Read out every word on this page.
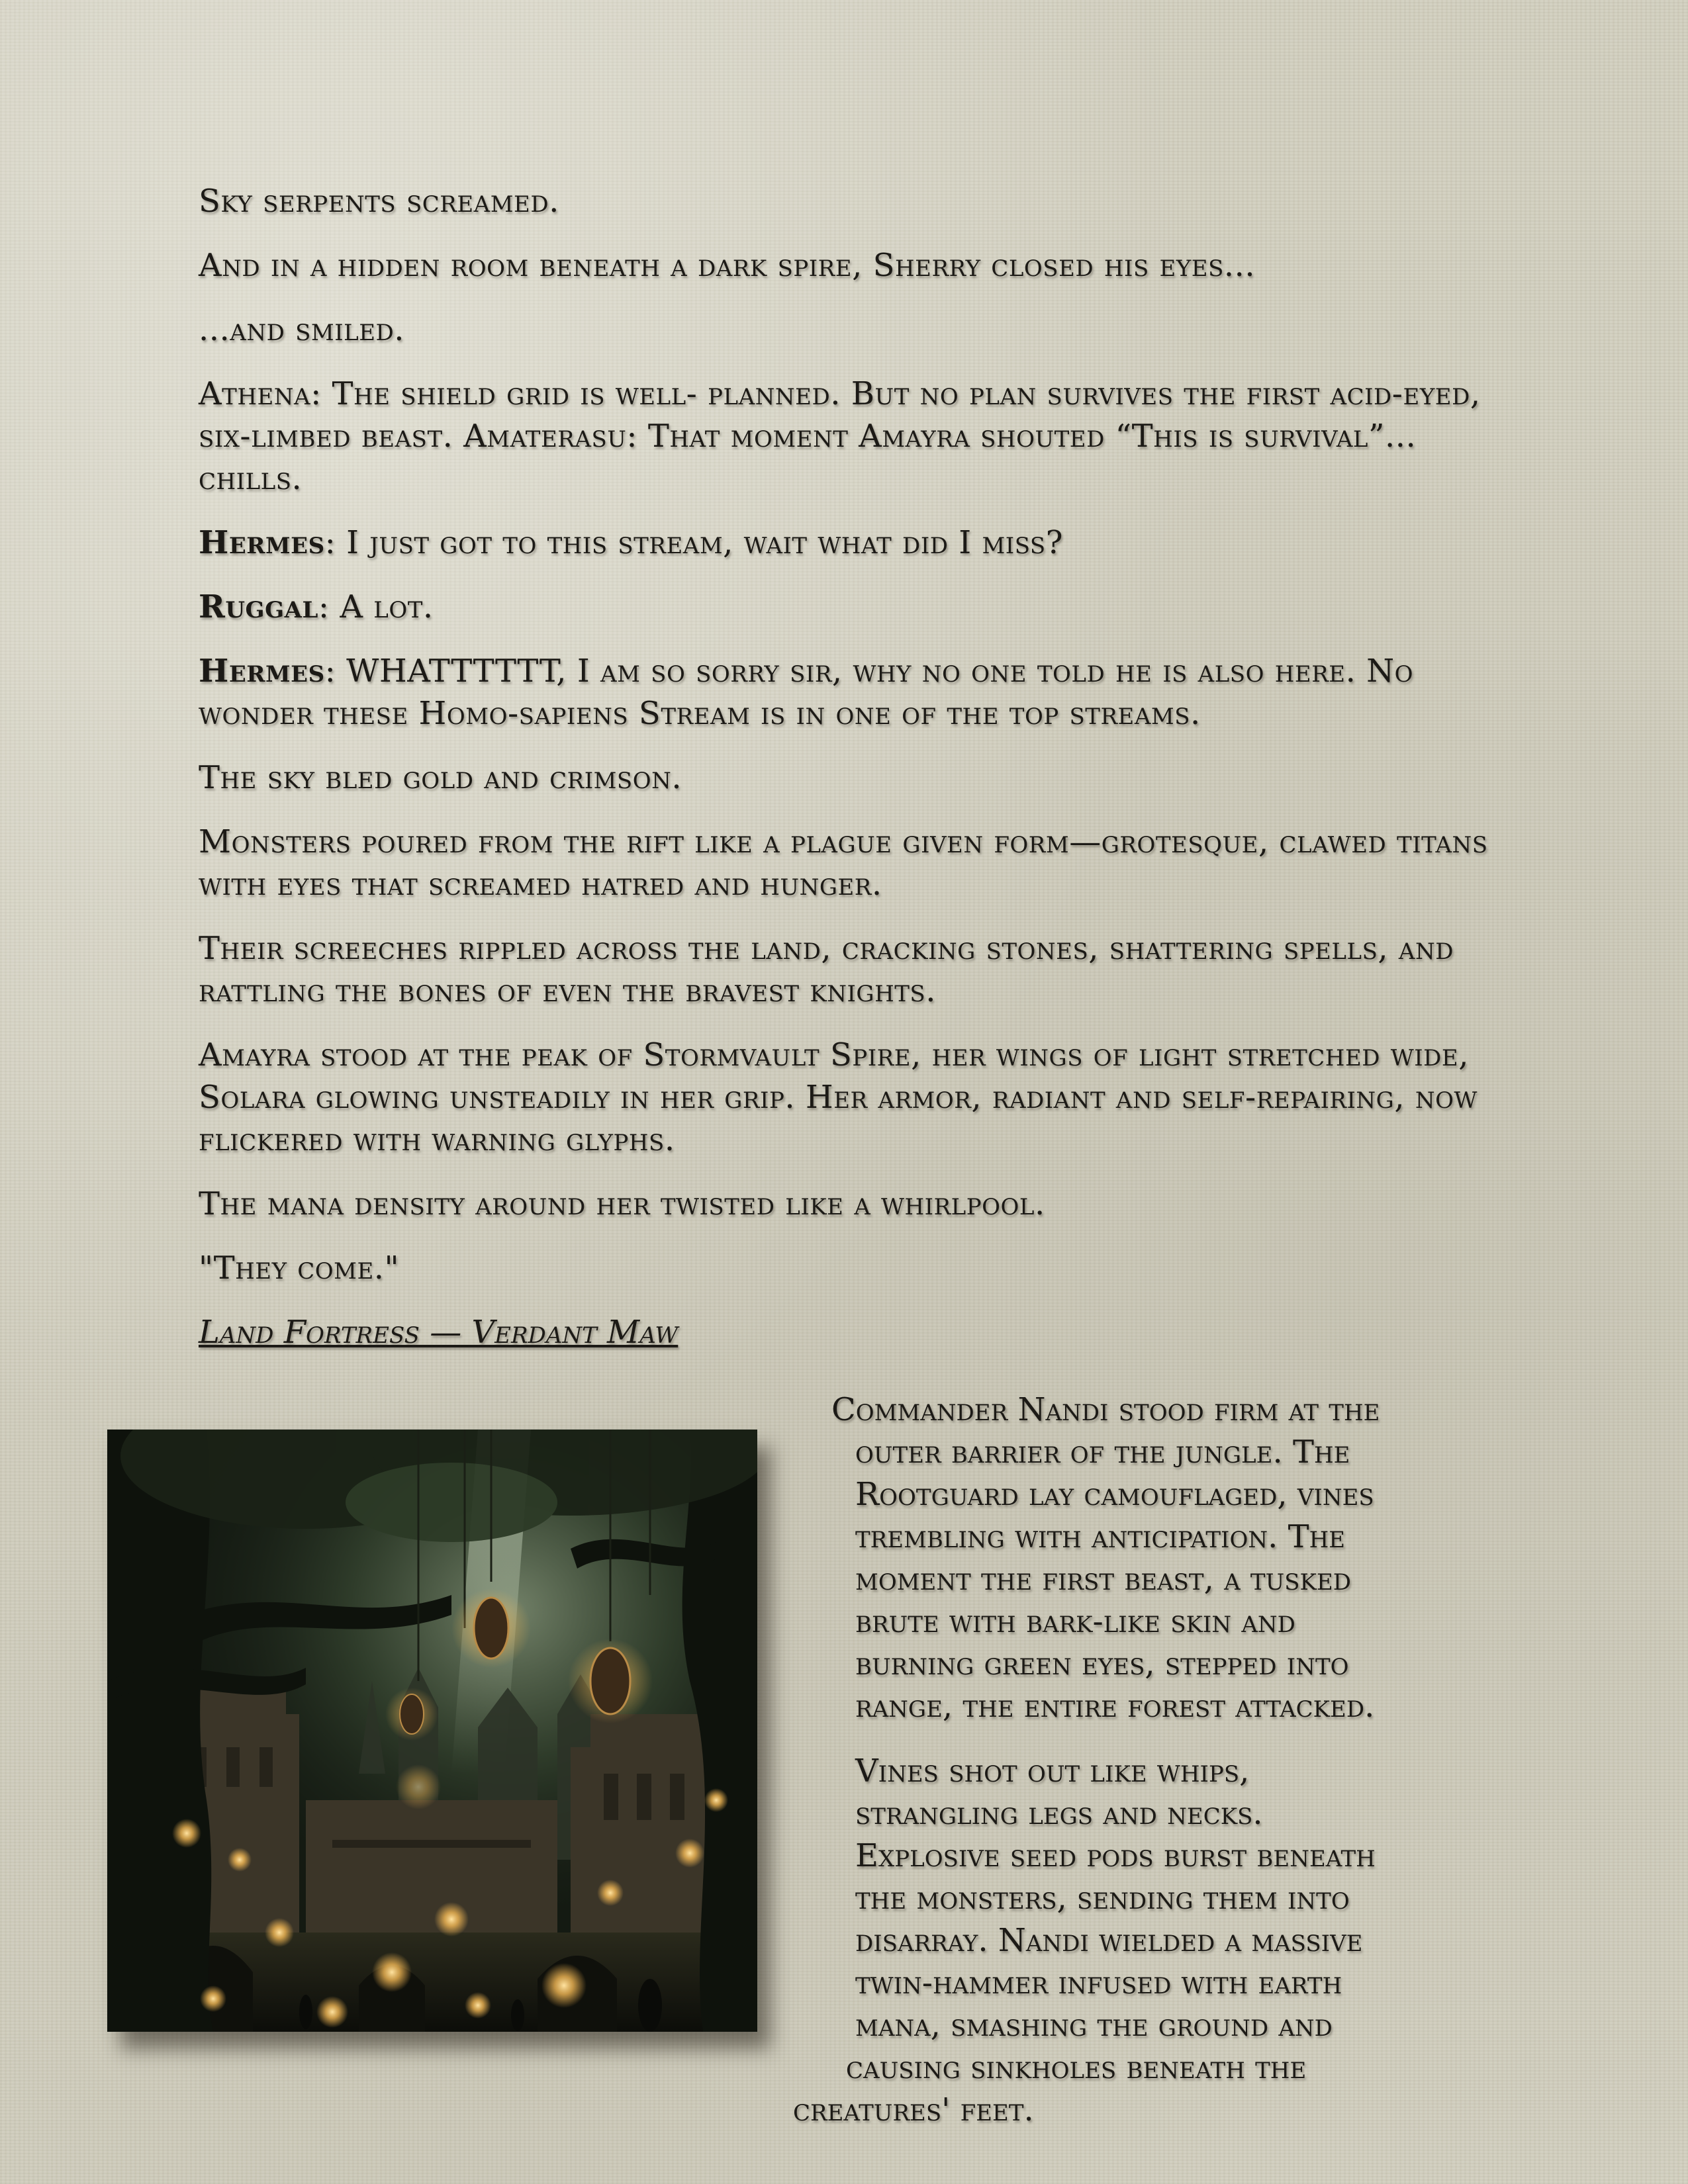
Sky serpents screamed.

And in a hidden room beneath a dark spire, Sherry closed his eyes...

...and smiled.

Athena: The shield grid is well- planned. But no plan survives the first acid-eyed, six-limbed beast. Amaterasu: That moment Amayra shouted “This is survival”... chills.

Hermes: I just got to this stream, wait what did I miss?

Ruggal: A lot.

Hermes: WHATTTTTT, I am so sorry sir, why no one told he is also here. No wonder these Homo-sapiens Stream is in one of the top streams.

The sky bled gold and crimson.

Monsters poured from the rift like a plague given form—grotesque, clawed titans with eyes that screamed hatred and hunger.

Their screeches rippled across the land, cracking stones, shattering spells, and rattling the bones of even the bravest knights.

Amayra stood at the peak of Stormvault Spire, her wings of light stretched wide, Solara glowing unsteadily in her grip. Her armor, radiant and self-repairing, now flickered with warning glyphs.

The mana density around her twisted like a whirlpool.

"They come."

Land Fortress — Verdant Maw

Commander Nandi stood firm at the
outer barrier of the jungle. The
Rootguard lay camouflaged, vines
trembling with anticipation. The
moment the first beast, a tusked
brute with bark-like skin and
burning green eyes, stepped into
range, the entire forest attacked.

Vines shot out like whips,
strangling legs and necks.
Explosive seed pods burst beneath
the monsters, sending them into
disarray. Nandi wielded a massive
twin-hammer infused with earth
mana, smashing the ground and
causing sinkholes beneath the
creatures' feet.
